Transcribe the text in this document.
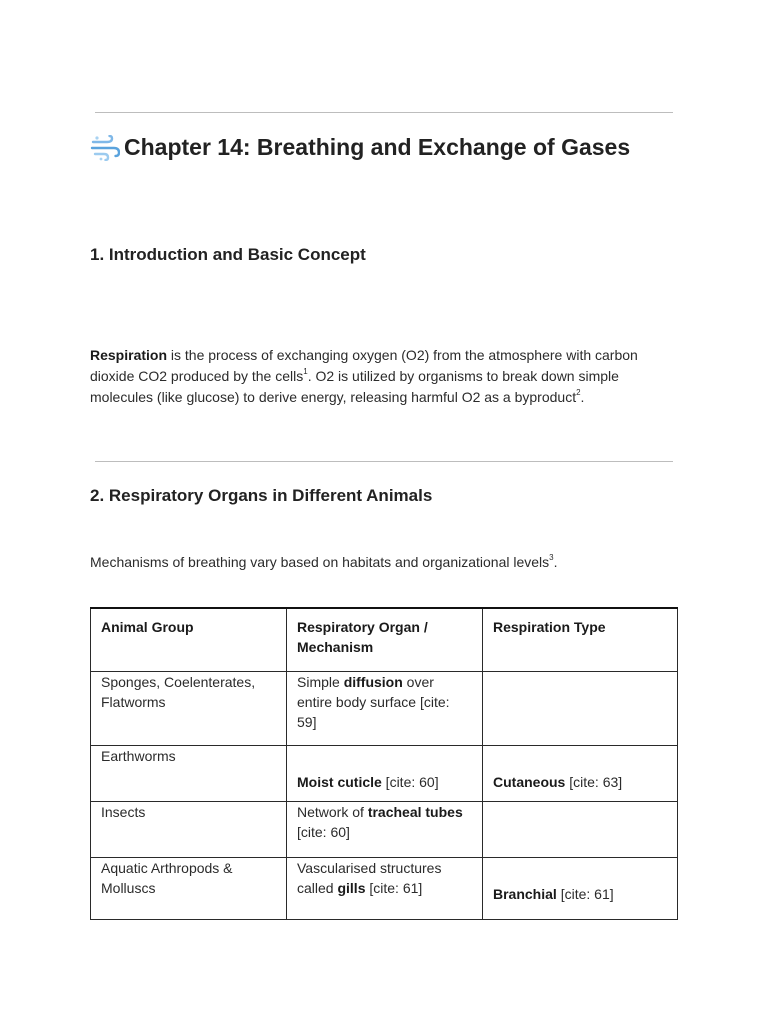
Chapter 14: Breathing and Exchange of Gases
1. Introduction and Basic Concept

Respiration is the process of exchanging oxygen (O2) from the atmosphere with carbon dioxide CO2 produced by the cells$^1$. O2 is utilized by organisms to break down simple molecules (like glucose) to derive energy, releasing harmful O2 as a byproduct$^2$.

2. Respiratory Organs in Different Animals

Mechanisms of breathing vary based on habitats and organizational levels$^3$.

Animal Group	Respiratory Organ / Mechanism	Respiration Type
Sponges, Coelenterates, Flatworms	Simple diffusion over entire body surface [cite: 59]	
Earthworms	Moist cuticle [cite: 60]	Cutaneous [cite: 63]
Insects	Network of tracheal tubes [cite: 60]	
Aquatic Arthropods & Molluscs	Vascularised structures called gills [cite: 61]	Branchial [cite: 61]
